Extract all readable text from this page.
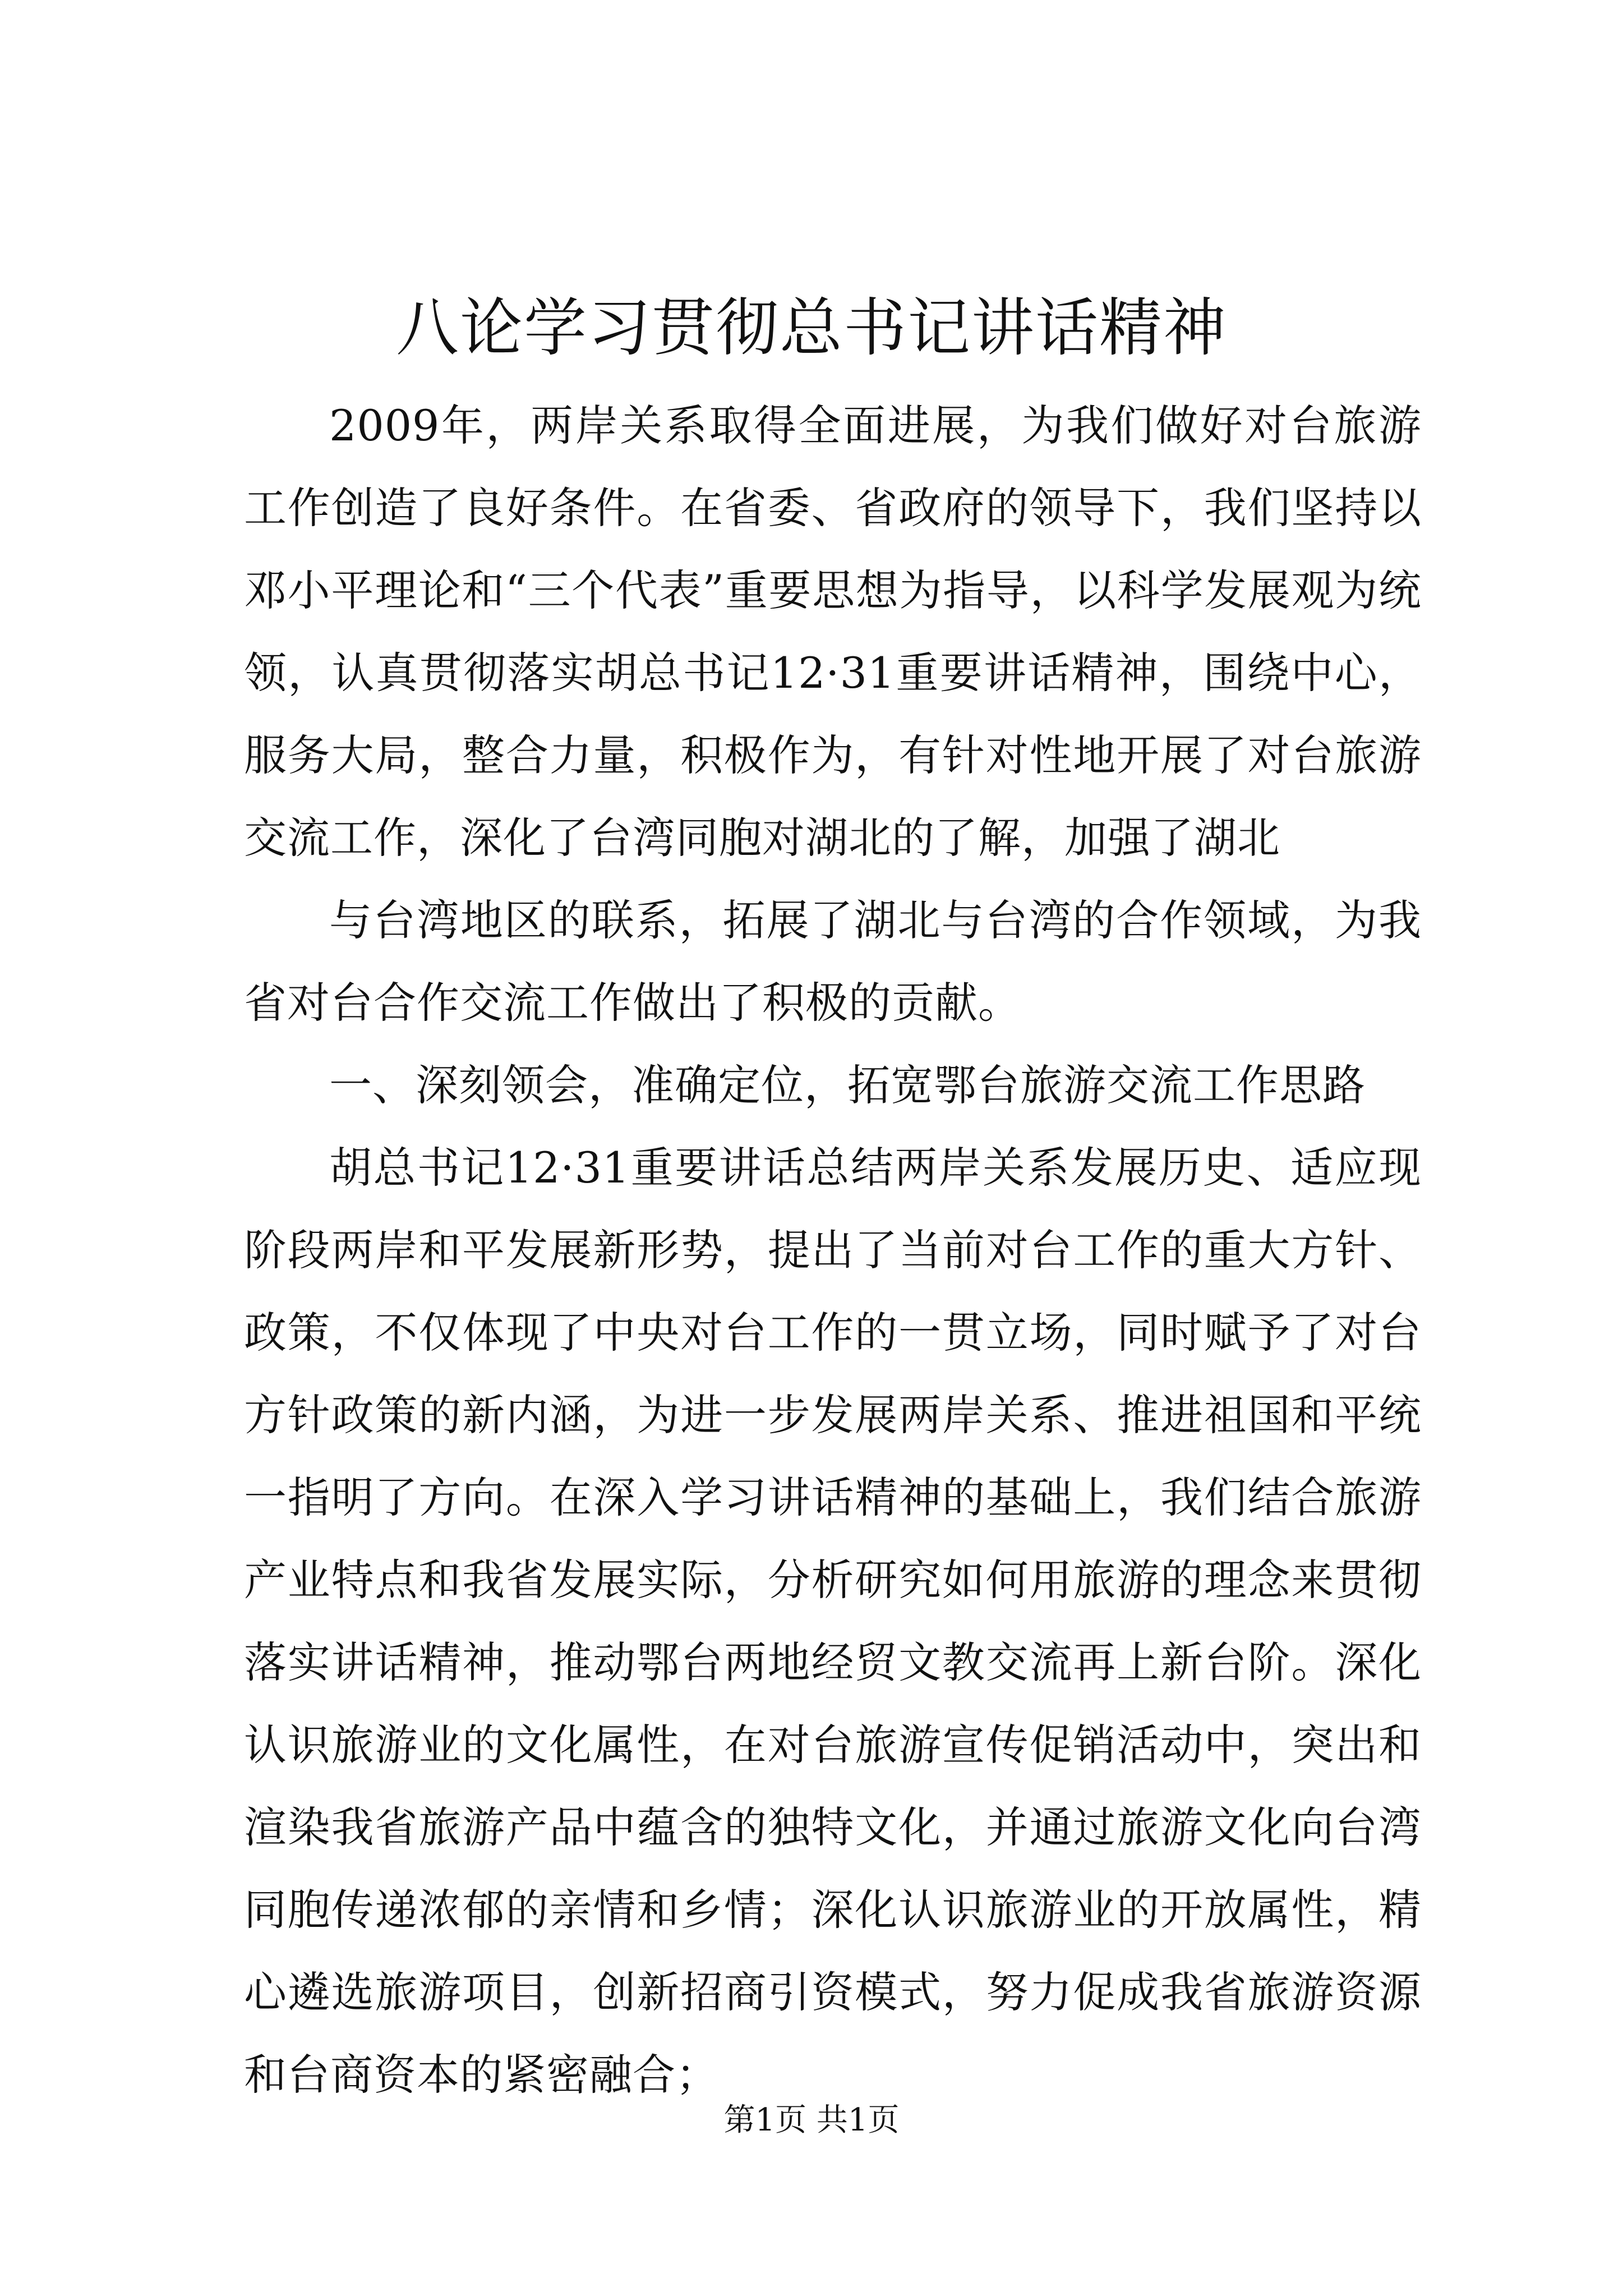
八论学习贯彻总书记讲话精神

2009年，两岸关系取得全面进展，为我们做好对台旅游工作创造了良好条件。在省委、省政府的领导下，我们坚持以邓小平理论和“三个代表”重要思想为指导，以科学发展观为统领，认真贯彻落实胡总书记12·31重要讲话精神，围绕中心，服务大局，整合力量，积极作为，有针对性地开展了对台旅游交流工作，深化了台湾同胞对湖北的了解，加强了湖北

与台湾地区的联系，拓展了湖北与台湾的合作领域，为我省对台合作交流工作做出了积极的贡献。

一、深刻领会，准确定位，拓宽鄂台旅游交流工作思路

胡总书记12·31重要讲话总结两岸关系发展历史、适应现阶段两岸和平发展新形势，提出了当前对台工作的重大方针、政策，不仅体现了中央对台工作的一贯立场，同时赋予了对台方针政策的新内涵，为进一步发展两岸关系、推进祖国和平统一指明了方向。在深入学习讲话精神的基础上，我们结合旅游产业特点和我省发展实际，分析研究如何用旅游的理念来贯彻落实讲话精神，推动鄂台两地经贸文教交流再上新台阶。深化认识旅游业的文化属性，在对台旅游宣传促销活动中，突出和渲染我省旅游产品中蕴含的独特文化，并通过旅游文化向台湾同胞传递浓郁的亲情和乡情；深化认识旅游业的开放属性，精心遴选旅游项目，创新招商引资模式，努力促成我省旅游资源和台商资本的紧密融合；

第1页 共1页
